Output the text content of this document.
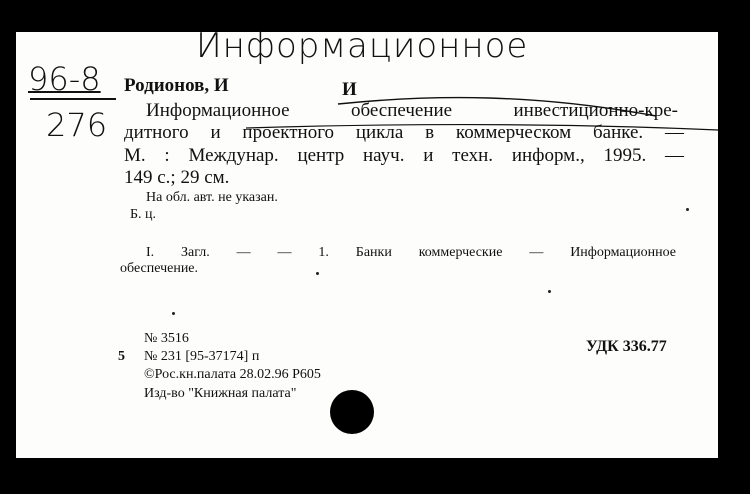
Информационное
96-8
276
Родионов, И	И
Информационное обеспечение инвестиционно-кре-
дитного и проектного цикла в коммерческом банке. —
М. : Междунар. центр науч. и техн. информ., 1995. —
149 с.; 29 см.
На обл. авт. не указан.
Б. ц.
I. Загл. — — 1. Банки коммерческие — Информационное
обеспечение.
№ 3516
5 № 231 [95-37174] п
©Рос.кн.палата 28.02.96 Р605
Изд-во "Книжная палата"
УДК 336.77
